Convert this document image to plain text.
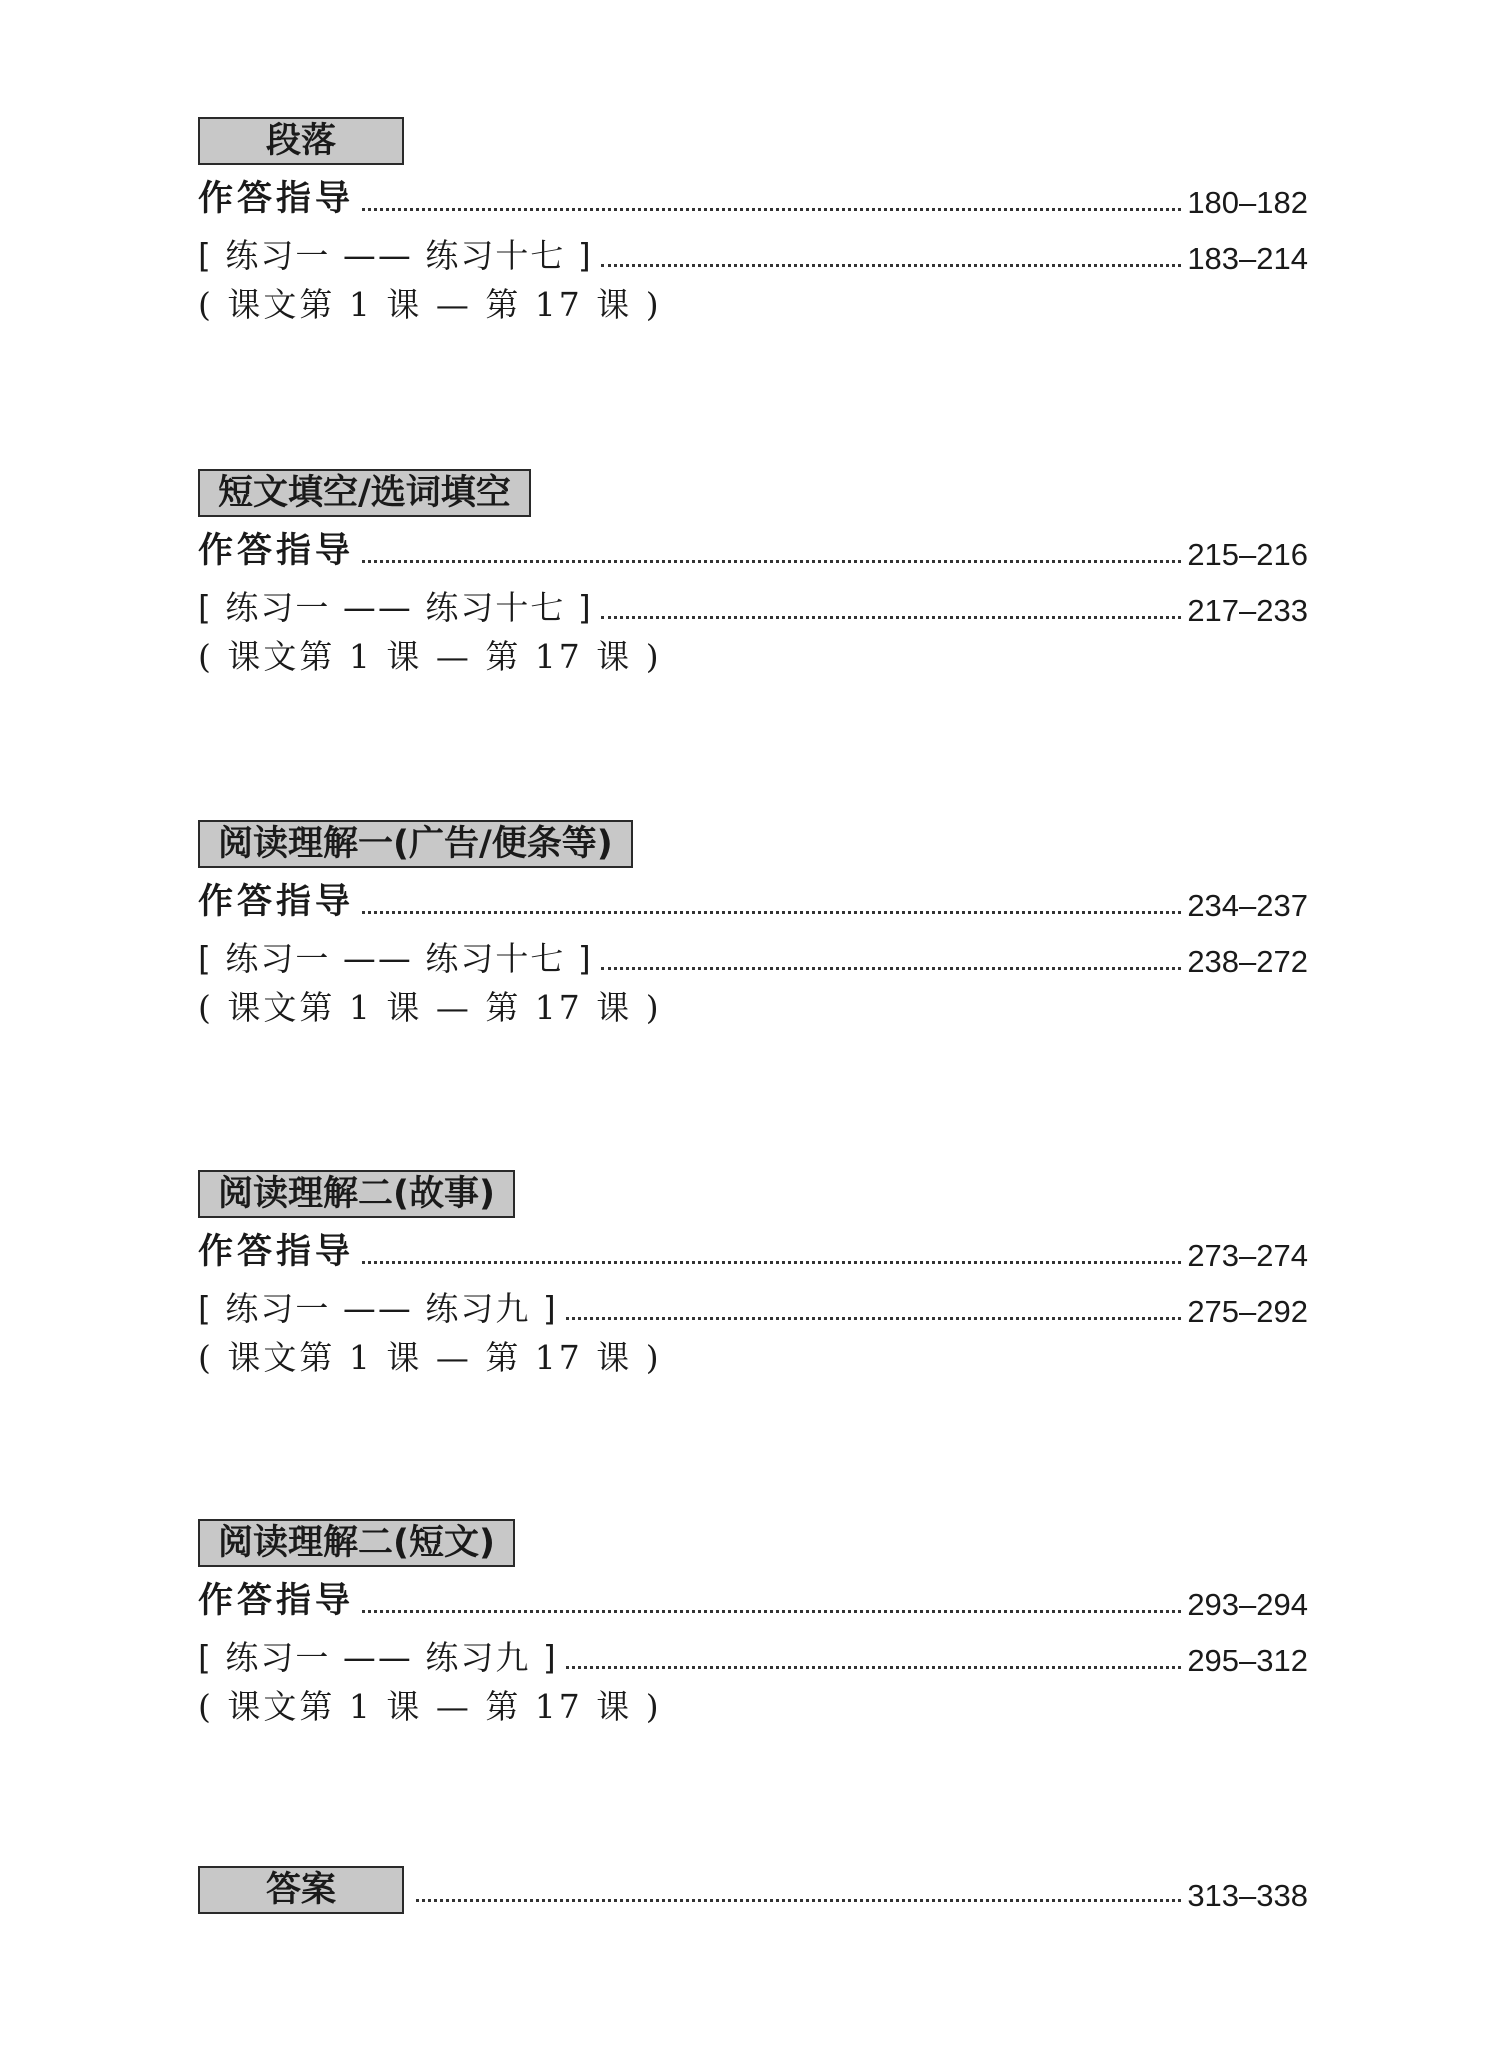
段落
作答指导	180–182
[ 练习一 —— 练习十七 ]	183–214
( 课文第 1 课 — 第 17 课 )
短文填空/选词填空
作答指导	215–216
[ 练习一 —— 练习十七 ]	217–233
( 课文第 1 课 — 第 17 课 )
阅读理解一(广告/便条等)
作答指导	234–237
[ 练习一 —— 练习十七 ]	238–272
( 课文第 1 课 — 第 17 课 )
阅读理解二(故事)
作答指导	273–274
[ 练习一 —— 练习九 ]	275–292
( 课文第 1 课 — 第 17 课 )
阅读理解二(短文)
作答指导	293–294
[ 练习一 —— 练习九 ]	295–312
( 课文第 1 课 — 第 17 课 )
答案	313–338
